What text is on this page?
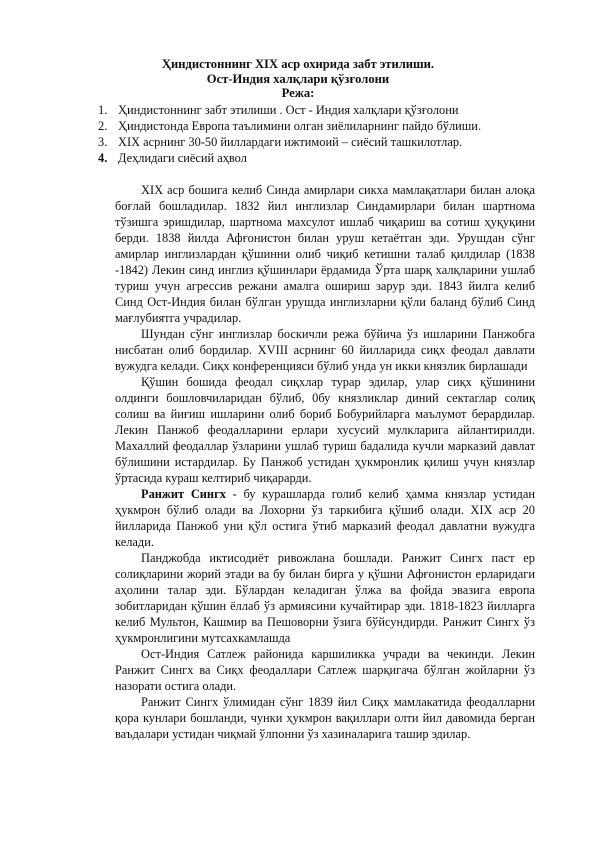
Ҳиндистоннинг XIX аср охирида забт этилиши.
Ост-Индия халқлари қўзғолони
Режа:
1. Ҳиндистоннинг забт этилиши . Ост - Индия халқлари қўзғолони
2. Ҳиндистонда Европа таълимини олган зиёлиларнинг пайдо бўлиши.
3. XIX асрнинг 30-50 йиллардаги ижтимоий – сиёсий ташкилотлар.
4. Деҳлидаги сиёсий аҳвол

XIX аср бошига келиб Синда амирлари сикха мамлақатлари билан алоқа боғлай бошладилар. 1832 йил инглизлар Синдамирлари билан шартнома тўзишга эришдилар, шартнома махсулот ишлаб чиқариш ва сотиш ҳуқуқини берди. 1838 йилда Афғонистон билан уруш кетаётган эди. Урушдан сўнг амирлар инглизлардан қўшинни олиб чиқиб кетишни талаб қилдилар (1838 -1842) Лекин синд инглиз қўшинлари ёрдамида Ўрта шарқ халқларини ушлаб туриш учун агрессив режани амалга ошириш заруp эди. 1843 йилга келиб Синд Ост-Индия билан бўлган урушда инглизларни қўли баланд бўлиб Синд мағлубиятга учрадилар.

Шундан сўнг инглизлар боскичли режа бўйича ўз ишларини Панжобга нисбатан олиб бордилар. XVIII асрнинг 60 йилларида сиқх феодал давлати вужудга келади. Сиқх конференцияси бўлиб унда ун икки князлик бирлашади

Қўшин бошида феодал сиқхлар турар эдилар, улар сиқх қўшинини олдинги бошловчиларидан бўлиб, 0бу князликлар диний сектаглар солиқ солиш ва йиғиш ишларини олиб бориб Бобурийларга маълумот берардилар. Лекин Панжоб феодалларини ерлари хусусий мулкларига айлантирилди. Махаллий феодаллар ўзларини ушлаб туриш бадалида кучли марказий давлат бўлишини истардилар. Бу Панжоб устидан ҳукмронлик қилиш учун князлар ўртасида кураш келтириб чиқарарди.

Ранжит Сингх - бу курашларда голиб келиб ҳамма князлар устидан ҳукмрон бўлиб олади ва Лохорни ўз таркибига қўшиб олади. XIX аср 20 йилларида Панжоб уни қўл остига ўтиб марказий феодал давлатни вужудга келади.

Панджобда иктисодиёт ривожлана бошлади. Ранжит Сингх паст ер солиқларини жорий этади ва бу билан бирга у қўшни Афғонистон ерларидаги аҳолини талар эди. Бўлардан келадиган ўлжа ва фойда эвазига европа зобитларидан қўшин ёллаб ўз армиясини кучайтирар эди. 1818-1823 йилларга келиб Мультон, Кашмир ва Пешоворни ўзига бўйсундирди. Ранжит Сингх ўз ҳукмронлигини мутсахкамлашда

Ост-Индия Сатлеж районида каршиликка учради ва чекинди. Лекин Ранжит Сингх ва Сиқх феодаллари Сатлеж шарқигача бўлган жойларни ўз назорати остига олади.

Ранжит Сингх ўлимидан сўнг 1839 йил Сиқх мамлакатида феодалларни қора кунлари бошланди, чунки ҳукмрон вақиллари олти йил давомида берган ваъдалари устидан чиқмай ўлпонни ўз хазиналарига ташир эдилар.
